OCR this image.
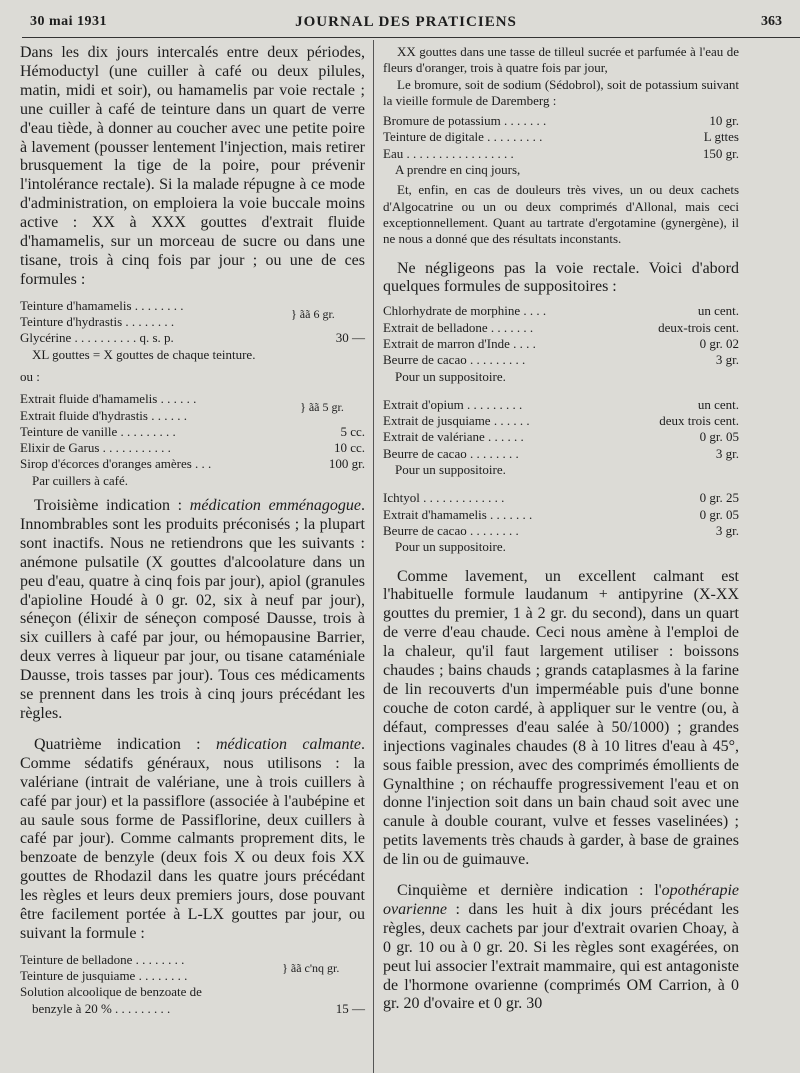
30 mai 1931	JOURNAL DES PRATICIENS	363

Dans les dix jours intercalés entre deux périodes, Hémoductyl (une cuiller à café ou deux pilules, matin, midi et soir), ou hamamelis par voie rectale ; une cuiller à café de teinture dans un quart de verre d'eau tiède, à donner au coucher avec une petite poire à lavement (pousser lentement l'injection, mais retirer brusquement la tige de la poire, pour prévenir l'intolérance rectale). Si la malade répugne à ce mode d'administration, on emploiera la voie buccale moins active : XX à XXX gouttes d'extrait fluide d'hamamelis, sur un morceau de sucre ou dans une tisane, trois à cinq fois par jour ; ou une de ces formules :

Teinture d'hamamelis . . . . . . . .	} ãã 6 gr.
Teinture d'hydrastis . . . . . . . .	
Glycérine . . . . . . . . . . q. s. p.	30 —

XL gouttes = X gouttes de chaque teinture.

ou :

Extrait fluide d'hamamelis . . . . . .	} ãã 5 gr.
Extrait fluide d'hydrastis . . . . . .	
Teinture de vanille . . . . . . . . .	5 cc.
Elixir de Garus . . . . . . . . . . .	10 cc.
Sirop d'écorces d'oranges amères . . .	100 gr.

Par cuillers à café.

Troisième indication : médication emménagogue. Innombrables sont les produits préconisés ; la plupart sont inactifs. Nous ne retiendrons que les suivants : anémone pulsatile (X gouttes d'alcoolature dans un peu d'eau, quatre à cinq fois par jour), apiol (granules d'apioline Houdé à 0 gr. 02, six à neuf par jour), séneçon (élixir de séneçon composé Dausse, trois à six cuillers à café par jour, ou hémopausine Barrier, deux verres à liqueur par jour, ou tisane cataméniale Dausse, trois tasses par jour). Tous ces médicaments se prennent dans les trois à cinq jours précédant les règles.

Quatrième indication : médication calmante. Comme sédatifs généraux, nous utilisons : la valériane (intrait de valériane, une à trois cuillers à café par jour) et la passiflore (associée à l'aubépine et au saule sous forme de Passiflorine, deux cuillers à café par jour). Comme calmants proprement dits, le benzoate de benzyle (deux fois X ou deux fois XX gouttes de Rhodazil dans les quatre jours précédant les règles et leurs deux premiers jours, dose pouvant être facilement portée à L-LX gouttes par jour, ou suivant la formule :

Teinture de belladone . . . . . . . .	} ãã c'nq gr.
Teinture de jusquiame . . . . . . . .	
Solution alcoolique de benzoate de	
benzyle à 20 % . . . . . . . . .	15 —

XX gouttes dans une tasse de tilleul sucrée et parfumée à l'eau de fleurs d'oranger, trois à quatre fois par jour,

Le bromure, soit de sodium (Sédobrol), soit de potassium suivant la vieille formule de Daremberg :

Bromure de potassium . . . . . . .	10 gr.
Teinture de digitale . . . . . . . . .	L gttes
Eau . . . . . . . . . . . . . . . . .	150 gr.

A prendre en cinq jours,

Et, enfin, en cas de douleurs très vives, un ou deux cachets d'Algocatrine ou un ou deux comprimés d'Allonal, mais ceci exceptionnellement. Quant au tartrate d'ergotamine (gynergène), il ne nous a donné que des résultats inconstants.

Ne négligeons pas la voie rectale. Voici d'abord quelques formules de suppositoires :

Chlorhydrate de morphine . . . .	un cent.
Extrait de belladone . . . . . . .	deux-trois cent.
Extrait de marron d'Inde . . . .	0 gr. 02
Beurre de cacao . . . . . . . . .	3 gr.

Pour un suppositoire.

Extrait d'opium . . . . . . . . .	un cent.
Extrait de jusquiame . . . . . .	deux trois cent.
Extrait de valériane . . . . . .	0 gr. 05
Beurre de cacao . . . . . . . .	3 gr.

Pour un suppositoire.

Ichtyol . . . . . . . . . . . . .	0 gr. 25
Extrait d'hamamelis . . . . . . .	0 gr. 05
Beurre de cacao . . . . . . . .	3 gr.

Pour un suppositoire.

Comme lavement, un excellent calmant est l'habituelle formule laudanum + antipyrine (X-XX gouttes du premier, 1 à 2 gr. du second), dans un quart de verre d'eau chaude. Ceci nous amène à l'emploi de la chaleur, qu'il faut largement utiliser : boissons chaudes ; bains chauds ; grands cataplasmes à la farine de lin recouverts d'un imperméable puis d'une bonne couche de coton cardé, à appliquer sur le ventre (ou, à défaut, compresses d'eau salée à 50/1000) ; grandes injections vaginales chaudes (8 à 10 litres d'eau à 45°, sous faible pression, avec des comprimés émollients de Gynalthine ; on réchauffe progressivement l'eau et on donne l'injection soit dans un bain chaud soit avec une canule à double courant, vulve et fesses vaselinées) ; petits lavements très chauds à garder, à base de graines de lin ou de guimauve.

Cinquième et dernière indication : l'opothérapie ovarienne : dans les huit à dix jours précédant les règles, deux cachets par jour d'extrait ovarien Choay, à 0 gr. 10 ou à 0 gr. 20. Si les règles sont exagérées, on peut lui associer l'extrait mammaire, qui est antagoniste de l'hormone ovarienne (comprimés OM Carrion, à 0 gr. 20 d'ovaire et 0 gr. 30
